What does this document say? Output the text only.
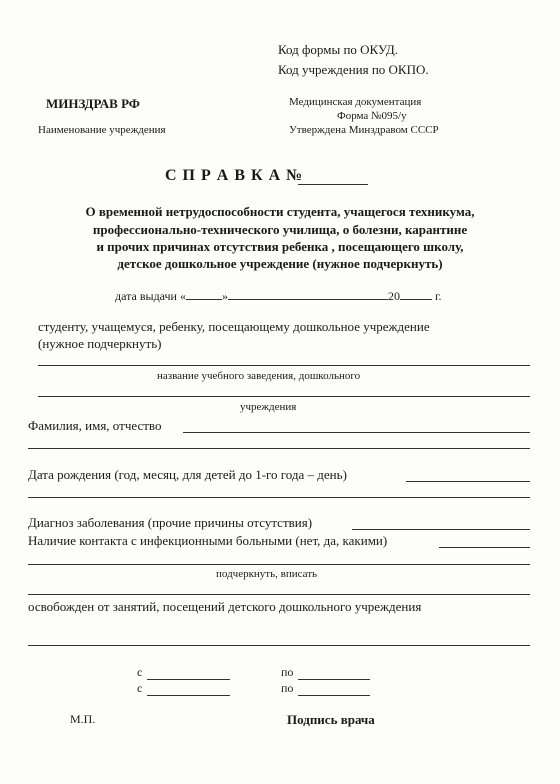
Код формы по ОКУД.
Код учреждения по ОКПО.
МИНЗДРАВ РФ
Наименование учреждения
Медицинская документация
Форма №095/у
Утверждена Минздравом СССР
С П Р А В К А №
О временной нетрудоспособности студента, учащегося техникума,
профессионально-технического училища, о болезни, карантине
и прочих причинах отсутствия ребенка , посещающего школу,
детское дошкольное учреждение (нужное подчеркнуть)
дата выдачи «	»	20	г.
студенту, учащемуся, ребенку, посещающему дошкольное учреждение
(нужное подчеркнуть)
название учебного заведения, дошкольного
учреждения
Фамилия, имя, отчество
Дата рождения (год, месяц, для детей до 1-го года – день)
Диагноз заболевания (прочие причины отсутствия)
Наличие контакта с инфекционными больными (нет, да, какими)
подчеркнуть, вписать
освобожден от занятий, посещений детского дошкольного учреждения
с	по
с	по
М.П.	Подпись врача
